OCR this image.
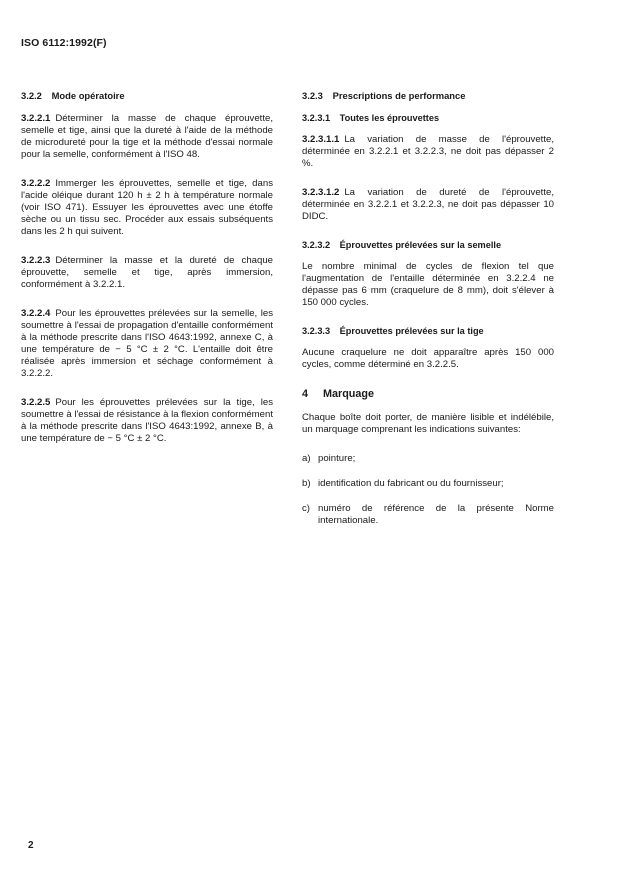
ISO 6112:1992(F)
3.2.2 Mode opératoire

3.2.2.1 Déterminer la masse de chaque éprouvette, semelle et tige, ainsi que la dureté à l'aide de la méthode de microdureté pour la tige et la méthode d'essai normale pour la semelle, conformément à l'ISO 48.

3.2.2.2 Immerger les éprouvettes, semelle et tige, dans l'acide oléique durant 120 h ± 2 h à température normale (voir ISO 471). Essuyer les éprouvettes avec une étoffe sèche ou un tissu sec. Procéder aux essais subséquents dans les 2 h qui suivent.

3.2.2.3 Déterminer la masse et la dureté de chaque éprouvette, semelle et tige, après immersion, conformément à 3.2.2.1.

3.2.2.4 Pour les éprouvettes prélevées sur la semelle, les soumettre à l'essai de propagation d'entaille conformément à la méthode prescrite dans l'ISO 4643:1992, annexe C, à une température de − 5 °C ± 2 °C. L'entaille doit être réalisée après immersion et séchage conformément à 3.2.2.2.

3.2.2.5 Pour les éprouvettes prélevées sur la tige, les soumettre à l'essai de résistance à la flexion conformément à la méthode prescrite dans l'ISO 4643:1992, annexe B, à une température de − 5 °C ± 2 °C.

3.2.3 Prescriptions de performance
3.2.3.1 Toutes les éprouvettes

3.2.3.1.1 La variation de masse de l'éprouvette, déterminée en 3.2.2.1 et 3.2.2.3, ne doit pas dépasser 2 %.

3.2.3.1.2 La variation de dureté de l'éprouvette, déterminée en 3.2.2.1 et 3.2.2.3, ne doit pas dépasser 10 DIDC.

3.2.3.2 Éprouvettes prélevées sur la semelle

Le nombre minimal de cycles de flexion tel que l'augmentation de l'entaille déterminée en 3.2.2.4 ne dépasse pas 6 mm (craquelure de 8 mm), doit s'élever à 150 000 cycles.

3.2.3.3 Éprouvettes prélevées sur la tige

Aucune craquelure ne doit apparaître après 150 000 cycles, comme déterminé en 3.2.2.5.

4 Marquage

Chaque boîte doit porter, de manière lisible et indélébile, un marquage comprenant les indications suivantes:

a) pointure;
b) identification du fabricant ou du fournisseur;
c) numéro de référence de la présente Norme internationale.
2
